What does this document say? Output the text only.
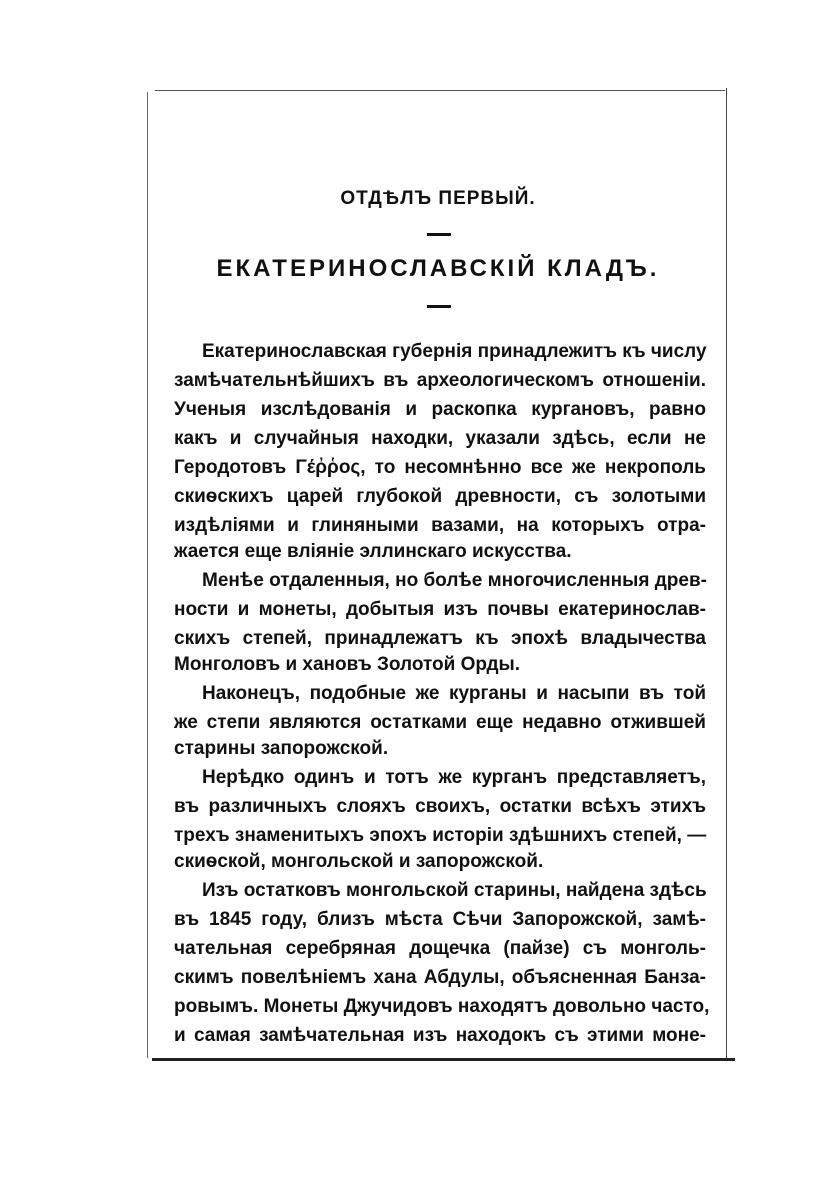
ОТДѢЛЪ ПЕРВЫЙ.
ЕКАТЕРИНОСЛАВСКІЙ КЛАДЪ.
Екатеринославская губернія принадлежитъ къ числу
замѣчательнѣйшихъ въ археологическомъ отношеніи.
Ученыя изслѣдованія и раскопка кургановъ, равно
какъ и случайныя находки, указали здѣсь, если не
Геродотовъ Γέῤῥος, то несомнѣнно все же некрополь
скиѳскихъ царей глубокой древности, съ золотыми
издѣліями и глиняными вазами, на которыхъ отра-
жается еще вліяніе эллинскаго искусства.
Менѣе отдаленныя, но болѣе многочисленныя древ-
ности и монеты, добытыя изъ почвы екатеринослав-
скихъ степей, принадлежатъ къ эпохѣ владычества
Монголовъ и хановъ Золотой Орды.
Наконецъ, подобные же курганы и насыпи въ той
же степи являются остатками еще недавно отжившей
старины запорожской.
Нерѣдко одинъ и тотъ же курганъ представляетъ,
въ различныхъ слояхъ своихъ, остатки всѣхъ этихъ
трехъ знаменитыхъ эпохъ исторіи здѣшнихъ степей, —
скиѳской, монгольской и запорожской.
Изъ остатковъ монгольской старины, найдена здѣсь
въ 1845 году, близъ мѣста Сѣчи Запорожской, замѣ-
чательная серебряная дощечка (пайзе) съ монголь-
скимъ повелѣніемъ хана Абдулы, объясненная Банза-
ровымъ. Монеты Джучидовъ находятъ довольно часто,
и самая замѣчательная изъ находокъ съ этими моне-
